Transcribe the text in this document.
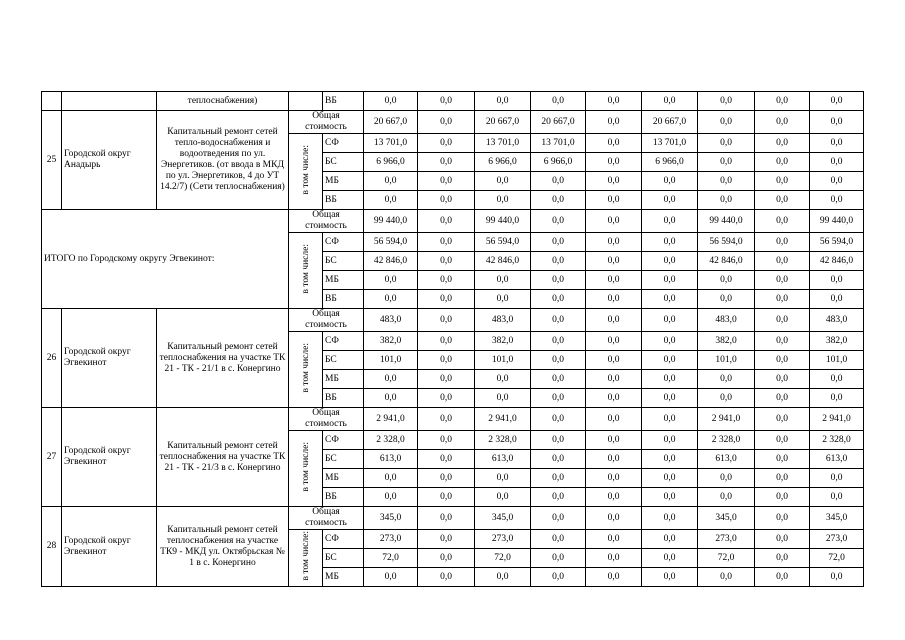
		теплоснабжения)		ВБ	0,0	0,0	0,0	0,0	0,0	0,0	0,0	0,0	0,0
25	Городской округ Анадырь	Капитальный ремонт сетей тепло-водоснабжения и водоотведения по ул. Энергетиков. (от ввода в МКД по ул. Энергетиков, 4 до УТ 14.2/7) (Сети теплоснабжения)	Общая стоимость		20 667,0	0,0	20 667,0	20 667,0	0,0	20 667,0	0,0	0,0	0,0
			в том числе:	СФ	13 701,0	0,0	13 701,0	13 701,0	0,0	13 701,0	0,0	0,0	0,0
				БС	6 966,0	0,0	6 966,0	6 966,0	0,0	6 966,0	0,0	0,0	0,0
				МБ	0,0	0,0	0,0	0,0	0,0	0,0	0,0	0,0	0,0
				ВБ	0,0	0,0	0,0	0,0	0,0	0,0	0,0	0,0	0,0
ИТОГО по Городскому округу Эгвекинот:			Общая стоимость		99 440,0	0,0	99 440,0	0,0	0,0	0,0	99 440,0	0,0	99 440,0
			в том числе:	СФ	56 594,0	0,0	56 594,0	0,0	0,0	0,0	56 594,0	0,0	56 594,0
				БС	42 846,0	0,0	42 846,0	0,0	0,0	0,0	42 846,0	0,0	42 846,0
				МБ	0,0	0,0	0,0	0,0	0,0	0,0	0,0	0,0	0,0
				ВБ	0,0	0,0	0,0	0,0	0,0	0,0	0,0	0,0	0,0
26	Городской округ Эгвекинот	Капитальный ремонт сетей теплоснабжения на участке ТК 21 - ТК - 21/1 в с. Конергино	Общая стоимость		483,0	0,0	483,0	0,0	0,0	0,0	483,0	0,0	483,0
			в том числе:	СФ	382,0	0,0	382,0	0,0	0,0	0,0	382,0	0,0	382,0
				БС	101,0	0,0	101,0	0,0	0,0	0,0	101,0	0,0	101,0
				МБ	0,0	0,0	0,0	0,0	0,0	0,0	0,0	0,0	0,0
				ВБ	0,0	0,0	0,0	0,0	0,0	0,0	0,0	0,0	0,0
27	Городской округ Эгвекинот	Капитальный ремонт сетей теплоснабжения на участке ТК 21 - ТК - 21/3 в с. Конергино	Общая стоимость		2 941,0	0,0	2 941,0	0,0	0,0	0,0	2 941,0	0,0	2 941,0
			в том числе:	СФ	2 328,0	0,0	2 328,0	0,0	0,0	0,0	2 328,0	0,0	2 328,0
				БС	613,0	0,0	613,0	0,0	0,0	0,0	613,0	0,0	613,0
				МБ	0,0	0,0	0,0	0,0	0,0	0,0	0,0	0,0	0,0
				ВБ	0,0	0,0	0,0	0,0	0,0	0,0	0,0	0,0	0,0
28	Городской округ Эгвекинот	Капитальный ремонт сетей теплоснабжения на участке ТК9 - МКД ул. Октябрьская № 1 в с. Конергино	Общая стоимость		345,0	0,0	345,0	0,0	0,0	0,0	345,0	0,0	345,0
			в том числе:	СФ	273,0	0,0	273,0	0,0	0,0	0,0	273,0	0,0	273,0
				БС	72,0	0,0	72,0	0,0	0,0	0,0	72,0	0,0	72,0
				МБ	0,0	0,0	0,0	0,0	0,0	0,0	0,0	0,0	0,0
